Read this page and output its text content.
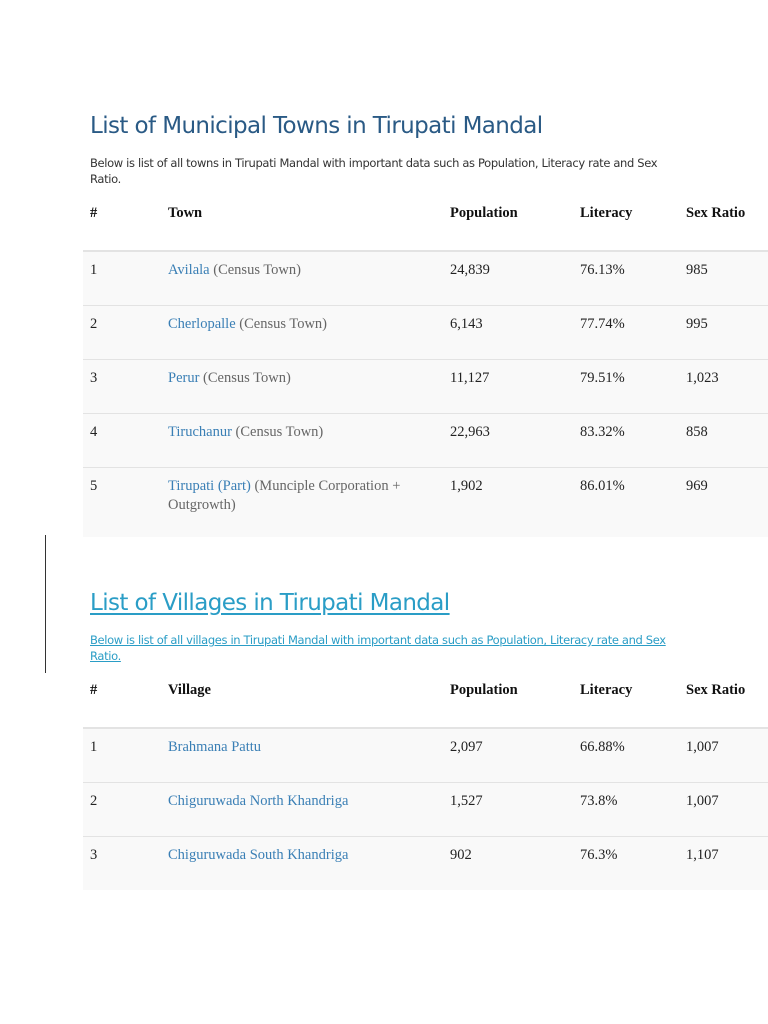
List of Municipal Towns in Tirupati Mandal

Below is list of all towns in Tirupati Mandal with important data such as Population, Literacy rate and Sex Ratio.

#	Town	Population	Literacy	Sex Ratio
1	Avilala (Census Town)	24,839	76.13%	985
2	Cherlopalle (Census Town)	6,143	77.74%	995
3	Perur (Census Town)	11,127	79.51%	1,023
4	Tiruchanur (Census Town)	22,963	83.32%	858
5	Tirupati (Part) (Munciple Corporation + Outgrowth)	1,902	86.01%	969
List of Villages in Tirupati Mandal

Below is list of all villages in Tirupati Mandal with important data such as Population, Literacy rate and Sex Ratio.

#	Village	Population	Literacy	Sex Ratio
1	Brahmana Pattu	2,097	66.88%	1,007
2	Chiguruwada North Khandriga	1,527	73.8%	1,007
3	Chiguruwada South Khandriga	902	76.3%	1,107
